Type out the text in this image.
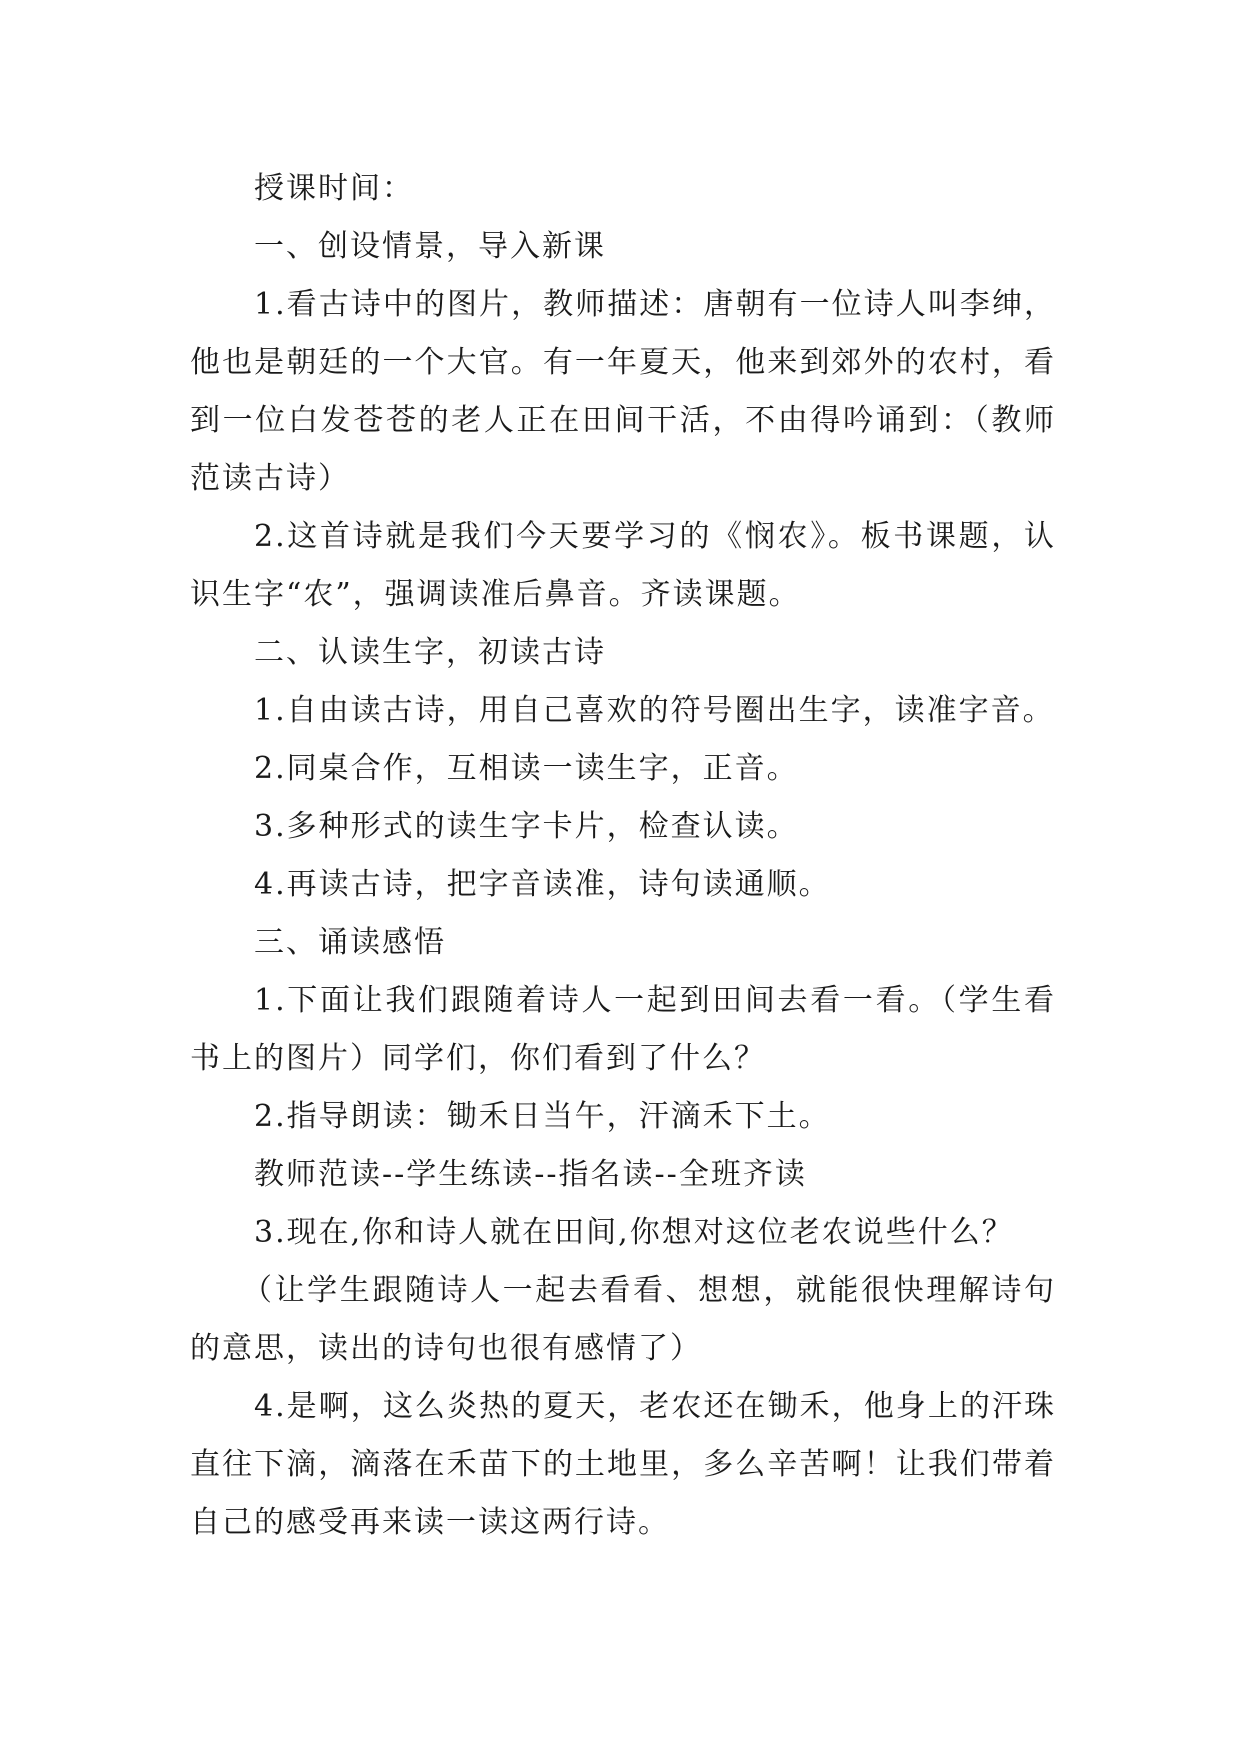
授课时间：

一、创设情景，导入新课

1.看古诗中的图片，教师描述：唐朝有一位诗人叫李绅，他也是朝廷的一个大官。有一年夏天，他来到郊外的农村，看到一位白发苍苍的老人正在田间干活，不由得吟诵到：（教师范读古诗）

2.这首诗就是我们今天要学习的《悯农》。板书课题，认识生字“农”，强调读准后鼻音。齐读课题。

二、认读生字，初读古诗

1.自由读古诗，用自己喜欢的符号圈出生字，读准字音。

2.同桌合作，互相读一读生字，正音。

3.多种形式的读生字卡片，检查认读。

4.再读古诗，把字音读准，诗句读通顺。

三、诵读感悟

1.下面让我们跟随着诗人一起到田间去看一看。（学生看书上的图片）同学们，你们看到了什么？

2.指导朗读：锄禾日当午，汗滴禾下土。

教师范读--学生练读--指名读--全班齐读

3.现在,你和诗人就在田间,你想对这位老农说些什么？

（让学生跟随诗人一起去看看、想想，就能很快理解诗句的意思，读出的诗句也很有感情了）

4.是啊，这么炎热的夏天，老农还在锄禾，他身上的汗珠直往下滴，滴落在禾苗下的土地里，多么辛苦啊！让我们带着自己的感受再来读一读这两行诗。
